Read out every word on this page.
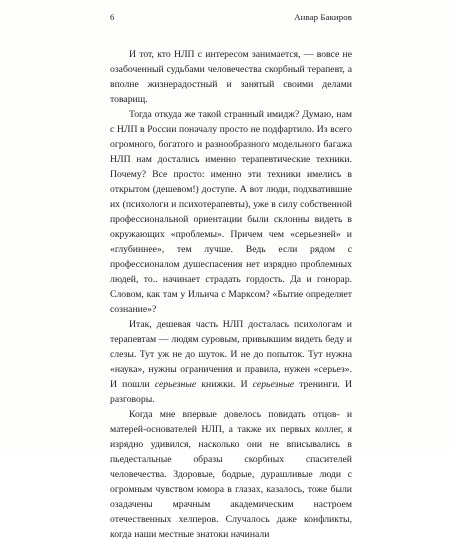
6	Анвар Бакиров

И тот, кто НЛП с интересом занимается, — вовсе не озабоченный судьбами человечества скорбный терапевт, а вполне жизнерадостный и занятый своими делами товарищ.

Тогда откуда же такой странный имидж? Думаю, нам с НЛП в России поначалу просто не подфартило. Из всего огромного, богатого и разнообразного модельного багажа НЛП нам достались именно терапевтические техники. Почему? Все просто: именно эти техники имелись в открытом (дешевом!) доступе. А вот люди, подхватившие их (психологи и психотерапевты), уже в силу собственной профессиональной ориентации были склонны видеть в окружающих «проблемы». Причем чем «серьезней» и «глубиннее», тем лучше. Ведь если рядом с профессионалом душеспасения нет изрядно проблемных людей, то.. начинает страдать гордость. Да и гонорар. Словом, как там у Ильича с Марксом? «Бытие определяет сознание»?

Итак, дешевая часть НЛП досталась психологам и терапевтам — людям суровым, привыкшим видеть беду и слезы. Тут уж не до шуток. И не до попыток. Тут нужна «наука», нужны ограничения и правила, нужен «серьез». И пошли серьезные книжки. И серьезные тренинги. И разговоры.

Когда мне впервые довелось повидать отцов- и матерей-основателей НЛП, а также их первых коллег, я изрядно удивился, насколько они не вписывались в пьедестальные образы скорбных спасителей человечества. Здоровые, бодрые, дурашливые люди с огромным чувством юмора в глазах, казалось, тоже были озадачены мрачным академическим настроем отечественных хелперов. Случалось даже конфликты, когда наши местные знатоки начинали
